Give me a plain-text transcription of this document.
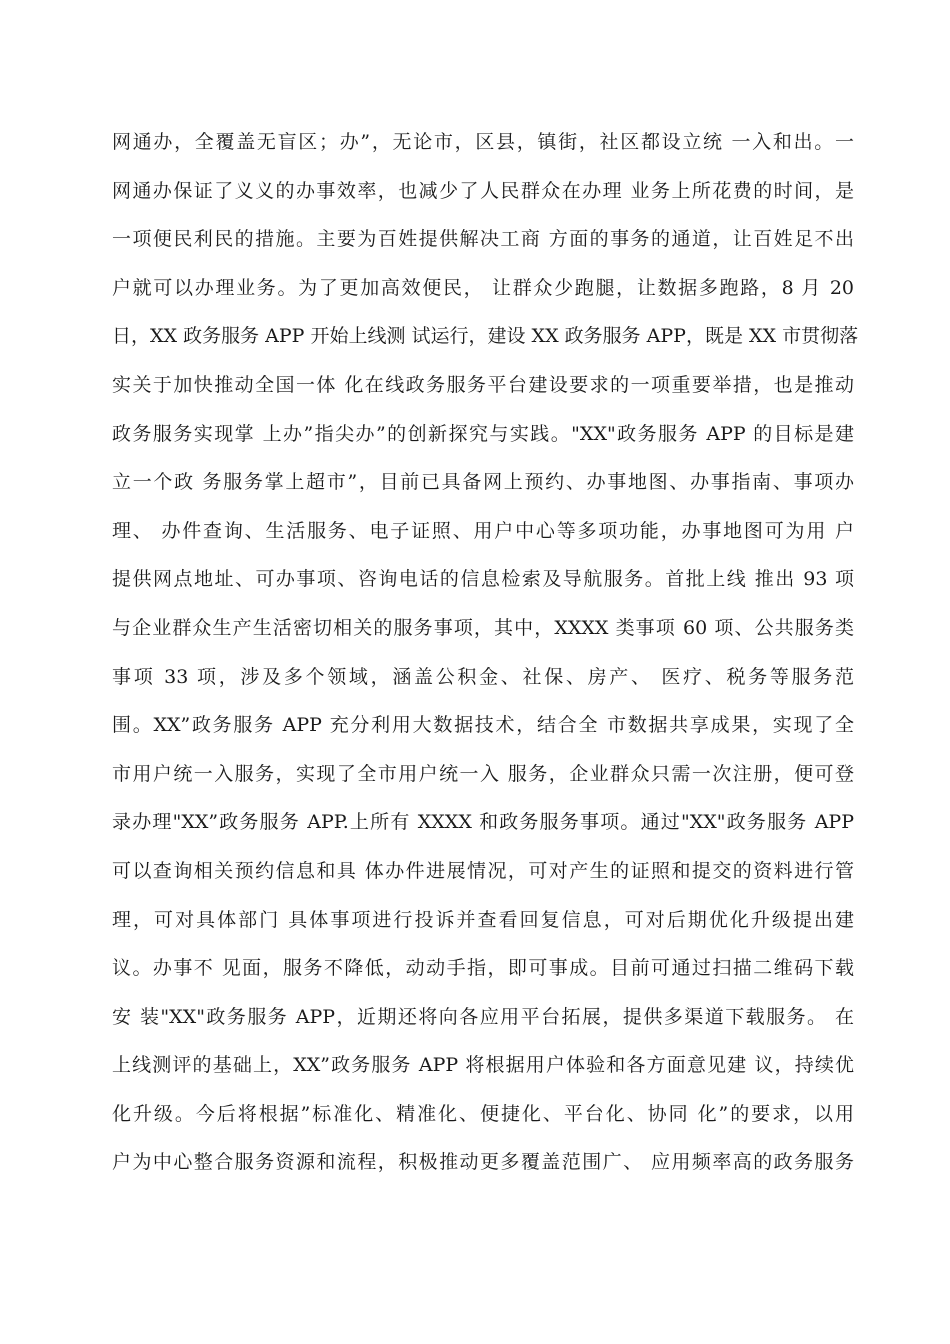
网通办，全覆盖无盲区；办”，无论市，区县，镇街，社区都设立统 一入和出。一
网通办保证了义义的办事效率，也减少了人民群众在办理 业务上所花费的时间，是
一项便民利民的措施。主要为百姓提供解决工商 方面的事务的通道，让百姓足不出
户就可以办理业务。为了更加高效便民， 让群众少跑腿，让数据多跑路，8 月 20
日，XX 政务服务 APP 开始上线测 试运行，建设 XX 政务服务 APP，既是 XX 市贯彻落
实关于加快推动全国一体 化在线政务服务平台建设要求的一项重要举措，也是推动
政务服务实现掌 上办”指尖办”的创新探究与实践。"XX"政务服务 APP 的目标是建
立一个政 务服务掌上超市”，目前已具备网上预约、办事地图、办事指南、事项办
理、 办件查询、生活服务、电子证照、用户中心等多项功能，办事地图可为用 户
提供网点地址、可办事项、咨询电话的信息检索及导航服务。首批上线 推出 93 项
与企业群众生产生活密切相关的服务事项，其中，XXXX 类事项 60 项、公共服务类
事项 33 项，涉及多个领域，涵盖公积金、社保、房产、 医疗、税务等服务范
围。XX”政务服务 APP 充分利用大数据技术，结合全 市数据共享成果，实现了全
市用户统一入服务，实现了全市用户统一入 服务，企业群众只需一次注册，便可登
录办理"XX”政务服务 APP.上所有 XXXX 和政务服务事项。通过"XX"政务服务 APP
可以查询相关预约信息和具 体办件进展情况，可对产生的证照和提交的资料进行管
理，可对具体部门 具体事项进行投诉并查看回复信息，可对后期优化升级提出建
议。办事不 见面，服务不降低，动动手指，即可事成。目前可通过扫描二维码下载
安 装"XX"政务服务 APP，近期还将向各应用平台拓展，提供多渠道下载服务。 在
上线测评的基础上，XX”政务服务 APP 将根据用户体验和各方面意见建 议，持续优
化升级。今后将根据”标准化、精准化、便捷化、平台化、协同 化”的要求，以用
户为中心整合服务资源和流程，积极推动更多覆盖范围广、 应用频率高的政务服务
